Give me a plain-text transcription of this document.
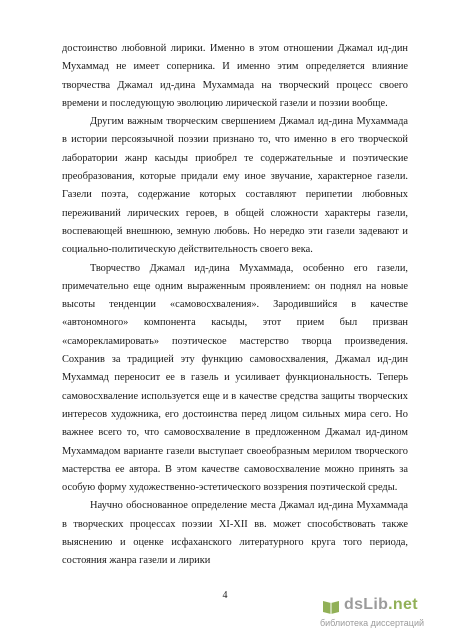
достоинство любовной лирики. Именно в этом отношении Джамал ид-дин Мухаммад не имеет соперника. И именно этим определяется влияние творчества Джамал ид-дина Мухаммада на творческий процесс своего времени и последующую эволюцию лирической газели и поэзии вообще.

Другим важным творческим свершением Джамал ид-дина Мухаммада в истории персоязычной поэзии признано то, что именно в его творческой лаборатории жанр касыды приобрел те содержательные и поэтические преобразования, которые придали ему иное звучание, характерное газели. Газели поэта, содержание которых составляют перипетии любовных переживаний лирических героев, в общей сложности характеры газели, воспевающей внешнюю, земную любовь. Но нередко эти газели задевают и социально-политическую действительность своего века.

Творчество Джамал ид-дина Мухаммада, особенно его газели, примечательно еще одним выраженным проявлением: он поднял на новые высоты тенденции «самовосхваления». Зародившийся в качестве «автономного» компонента касыды, этот прием был призван «саморекламировать» поэтическое мастерство творца произведения. Сохранив за традицией эту функцию самовосхваления, Джамал ид-дин Мухаммад переносит ее в газель и усиливает функциональность. Теперь самовосхваление используется еще и в качестве средства защиты творческих интересов художника, его достоинства перед лицом сильных мира сего. Но важнее всего то, что самовосхваление в предложенном Джамал ид-дином Мухаммадом варианте газели выступает своеобразным мерилом творческого мастерства ее автора. В этом качестве самовосхваление можно принять за особую форму художественно-эстетического воззрения поэтической среды.

Научно обоснованное определение места Джамал ид-дина Мухаммада в творческих процессах поэзии XI-XII вв. может способствовать также выяснению и оценке исфаханского литературного круга того периода, состояния жанра газели и лирики

4
dsLib.net
библиотека диссертаций
